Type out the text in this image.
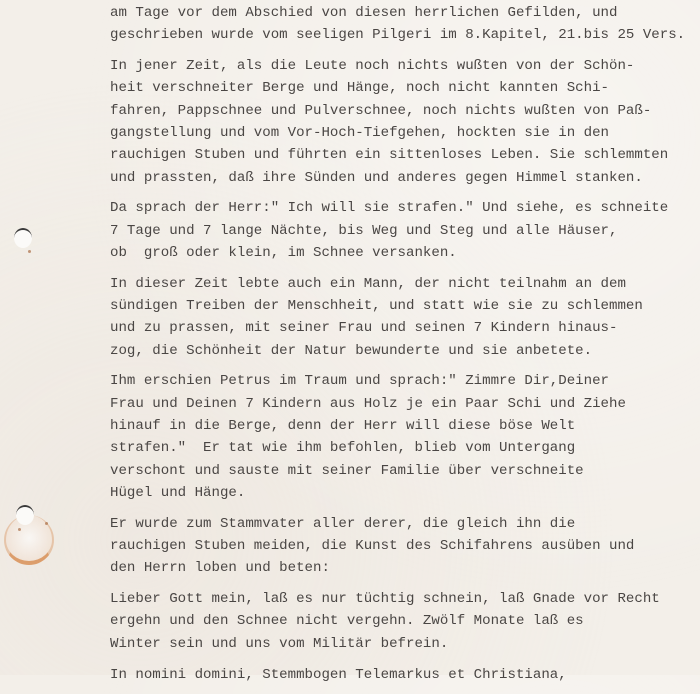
am Tage vor dem Abschied von diesen herrlichen Gefilden, und
geschrieben wurde vom seeligen Pilgeri im 8.Kapitel, 21.bis 25 Vers.

In jener Zeit, als die Leute noch nichts wußten von der Schön-
heit verschneiter Berge und Hänge, noch nicht kannten Schi-
fahren, Pappschnee und Pulverschnee, noch nichts wußten von Paß-
gangstellung und vom Vor-Hoch-Tiefgehen, hockten sie in den
rauchigen Stuben und führten ein sittenloses Leben. Sie schlemmten
und prassten, daß ihre Sünden und anderes gegen Himmel stanken.

Da sprach der Herr:" Ich will sie strafen." Und siehe, es schneite
7 Tage und 7 lange Nächte, bis Weg und Steg und alle Häuser,
ob  groß oder klein, im Schnee versanken.

In dieser Zeit lebte auch ein Mann, der nicht teilnahm an dem
sündigen Treiben der Menschheit, und statt wie sie zu schlemmen
und zu prassen, mit seiner Frau und seinen 7 Kindern hinaus-
zog, die Schönheit der Natur bewunderte und sie anbetete.

Ihm erschien Petrus im Traum und sprach:" Zimmre Dir,Deiner
Frau und Deinen 7 Kindern aus Holz je ein Paar Schi und Ziehe
hinauf in die Berge, denn der Herr will diese böse Welt
strafen."  Er tat wie ihm befohlen, blieb vom Untergang
verschont und sauste mit seiner Familie über verschneite
Hügel und Hänge.

Er wurde zum Stammvater aller derer, die gleich ihn die
rauchigen Stuben meiden, die Kunst des Schifahrens ausüben und
den Herrn loben und beten:

Lieber Gott mein, laß es nur tüchtig schnein, laß Gnade vor Recht
ergehn und den Schnee nicht vergehn. Zwölf Monate laß es
Winter sein und uns vom Militär befrein.

In nomini domini, Stemmbogen Telemarkus et Christiana,
